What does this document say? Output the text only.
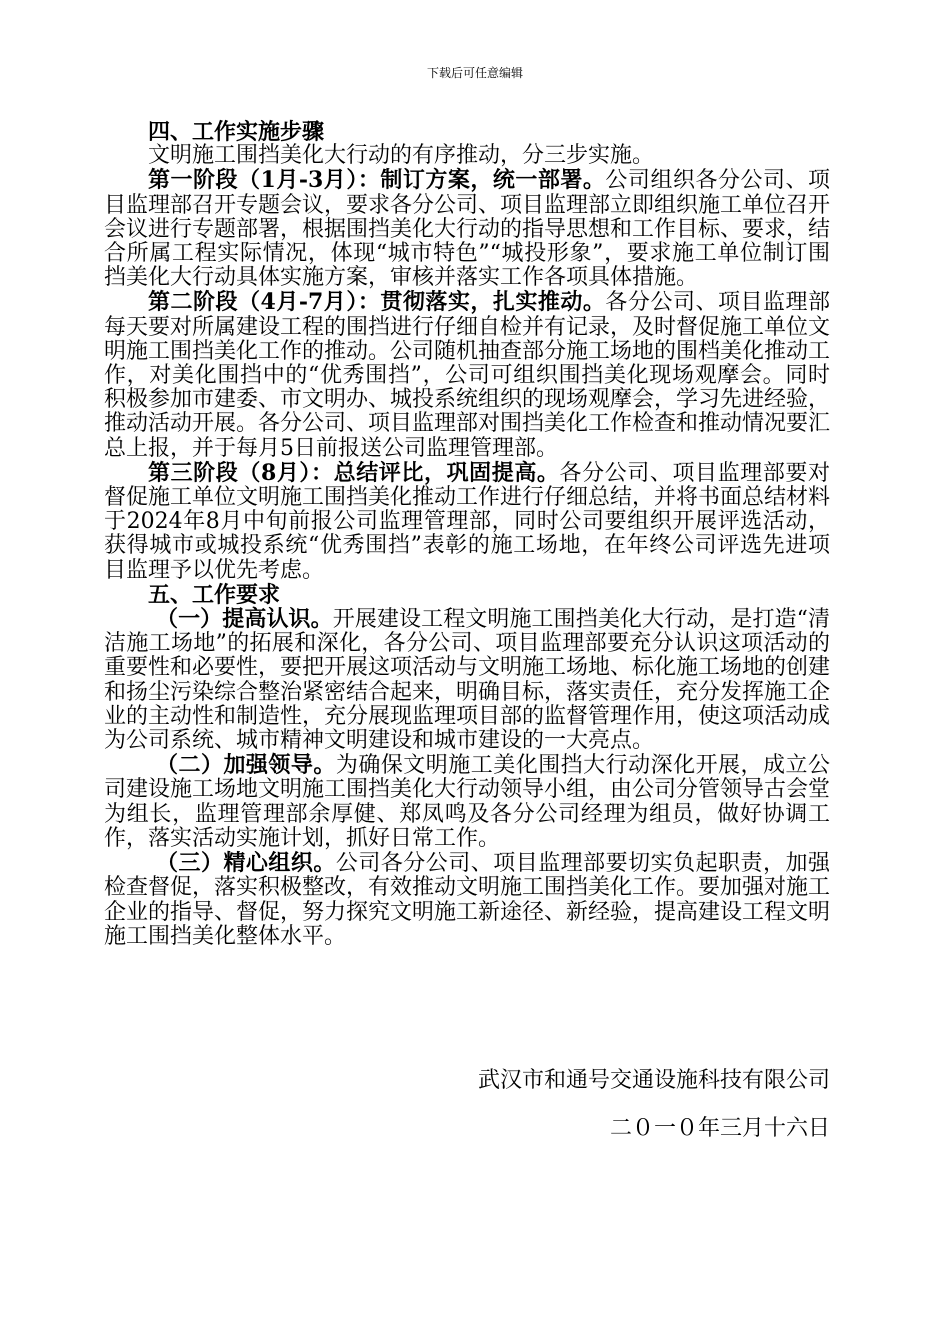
下载后可任意编辑

四、工作实施步骤

文明施工围挡美化大行动的有序推动，分三步实施。

第一阶段（1月-3月）：制订方案，统一部署。公司组织各分公司、项目监理部召开专题会议，要求各分公司、项目监理部立即组织施工单位召开会议进行专题部署，根据围挡美化大行动的指导思想和工作目标、要求，结合所属工程实际情况，体现“城市特色”“城投形象”，要求施工单位制订围挡美化大行动具体实施方案，审核并落实工作各项具体措施。

第二阶段（4月-7月）：贯彻落实，扎实推动。各分公司、项目监理部每天要对所属建设工程的围挡进行仔细自检并有记录，及时督促施工单位文明施工围挡美化工作的推动。公司随机抽查部分施工场地的围档美化推动工作，对美化围挡中的“优秀围挡”，公司可组织围挡美化现场观摩会。同时积极参加市建委、市文明办、城投系统组织的现场观摩会，学习先进经验，推动活动开展。各分公司、项目监理部对围挡美化工作检查和推动情况要汇总上报，并于每月5日前报送公司监理管理部。

第三阶段（8月）：总结评比，巩固提高。各分公司、项目监理部要对督促施工单位文明施工围挡美化推动工作进行仔细总结，并将书面总结材料于2024年8月中旬前报公司监理管理部，同时公司要组织开展评选活动，获得城市或城投系统“优秀围挡”表彰的施工场地，在年终公司评选先进项目监理予以优先考虑。

五、工作要求

（一）提高认识。开展建设工程文明施工围挡美化大行动，是打造“清洁施工场地”的拓展和深化，各分公司、项目监理部要充分认识这项活动的重要性和必要性，要把开展这项活动与文明施工场地、标化施工场地的创建和扬尘污染综合整治紧密结合起来，明确目标，落实责任，充分发挥施工企业的主动性和制造性，充分展现监理项目部的监督管理作用，使这项活动成为公司系统、城市精神文明建设和城市建设的一大亮点。

（二）加强领导。为确保文明施工美化围挡大行动深化开展，成立公司建设施工场地文明施工围挡美化大行动领导小组，由公司分管领导古会堂为组长，监理管理部余厚健、郑凤鸣及各分公司经理为组员，做好协调工作，落实活动实施计划，抓好日常工作。

（三）精心组织。公司各分公司、项目监理部要切实负起职责，加强检查督促，落实积极整改，有效推动文明施工围挡美化工作。要加强对施工企业的指导、督促，努力探究文明施工新途径、新经验，提高建设工程文明施工围挡美化整体水平。

武汉市和通号交通设施科技有限公司
二０一０年三月十六日
